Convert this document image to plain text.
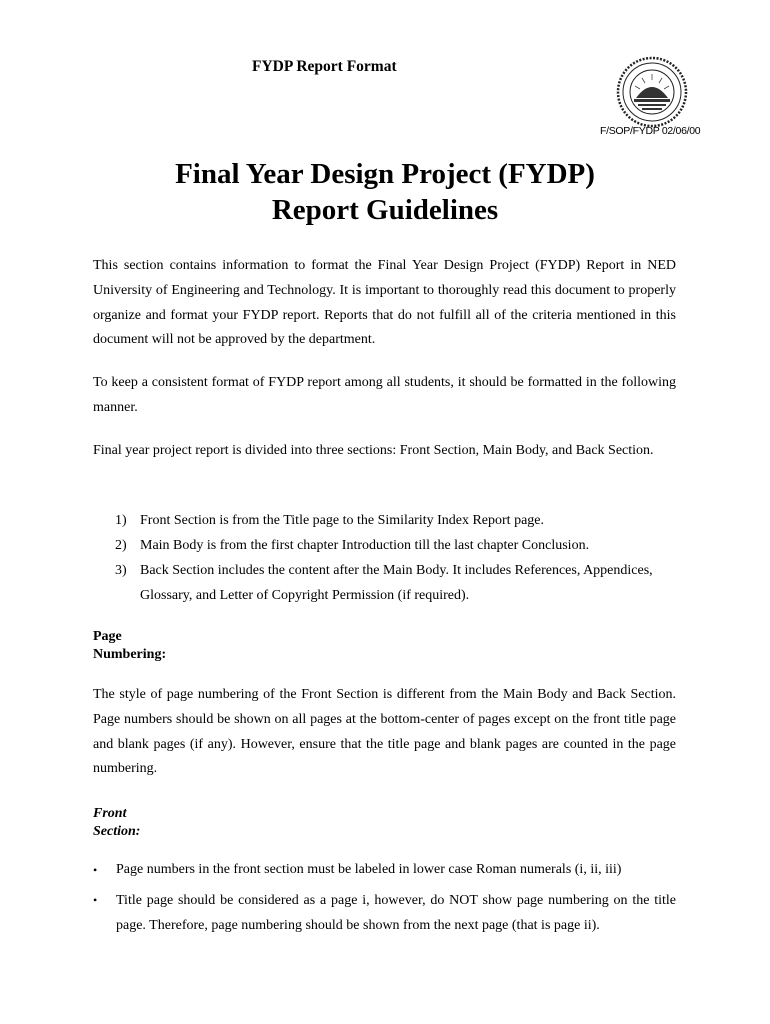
FYDP Report Format
F/SOP/FYDP 02/06/00
Final Year Design Project (FYDP)
Report Guidelines

This section contains information to format the Final Year Design Project (FYDP) Report in NED University of Engineering and Technology. It is important to thoroughly read this document to properly organize and format your FYDP report. Reports that do not fulfill all of the criteria mentioned in this document will not be approved by the department.

To keep a consistent format of FYDP report among all students, it should be formatted in the following manner.

Final year project report is divided into three sections: Front Section, Main Body, and Back Section.

1) Front Section is from the Title page to the Similarity Index Report page.
2) Main Body is from the first chapter Introduction till the last chapter Conclusion.
3) Back Section includes the content after the Main Body. It includes References, Appendices, Glossary, and Letter of Copyright Permission (if required).
Page
Numbering:

The style of page numbering of the Front Section is different from the Main Body and Back Section. Page numbers should be shown on all pages at the bottom-center of pages except on the front title page and blank pages (if any). However, ensure that the title page and blank pages are counted in the page numbering.

Front
Section:
• Page numbers in the front section must be labeled in lower case Roman numerals (i, ii, iii)
• Title page should be considered as a page i, however, do NOT show page numbering on the title page. Therefore, page numbering should be shown from the next page (that is page ii).
